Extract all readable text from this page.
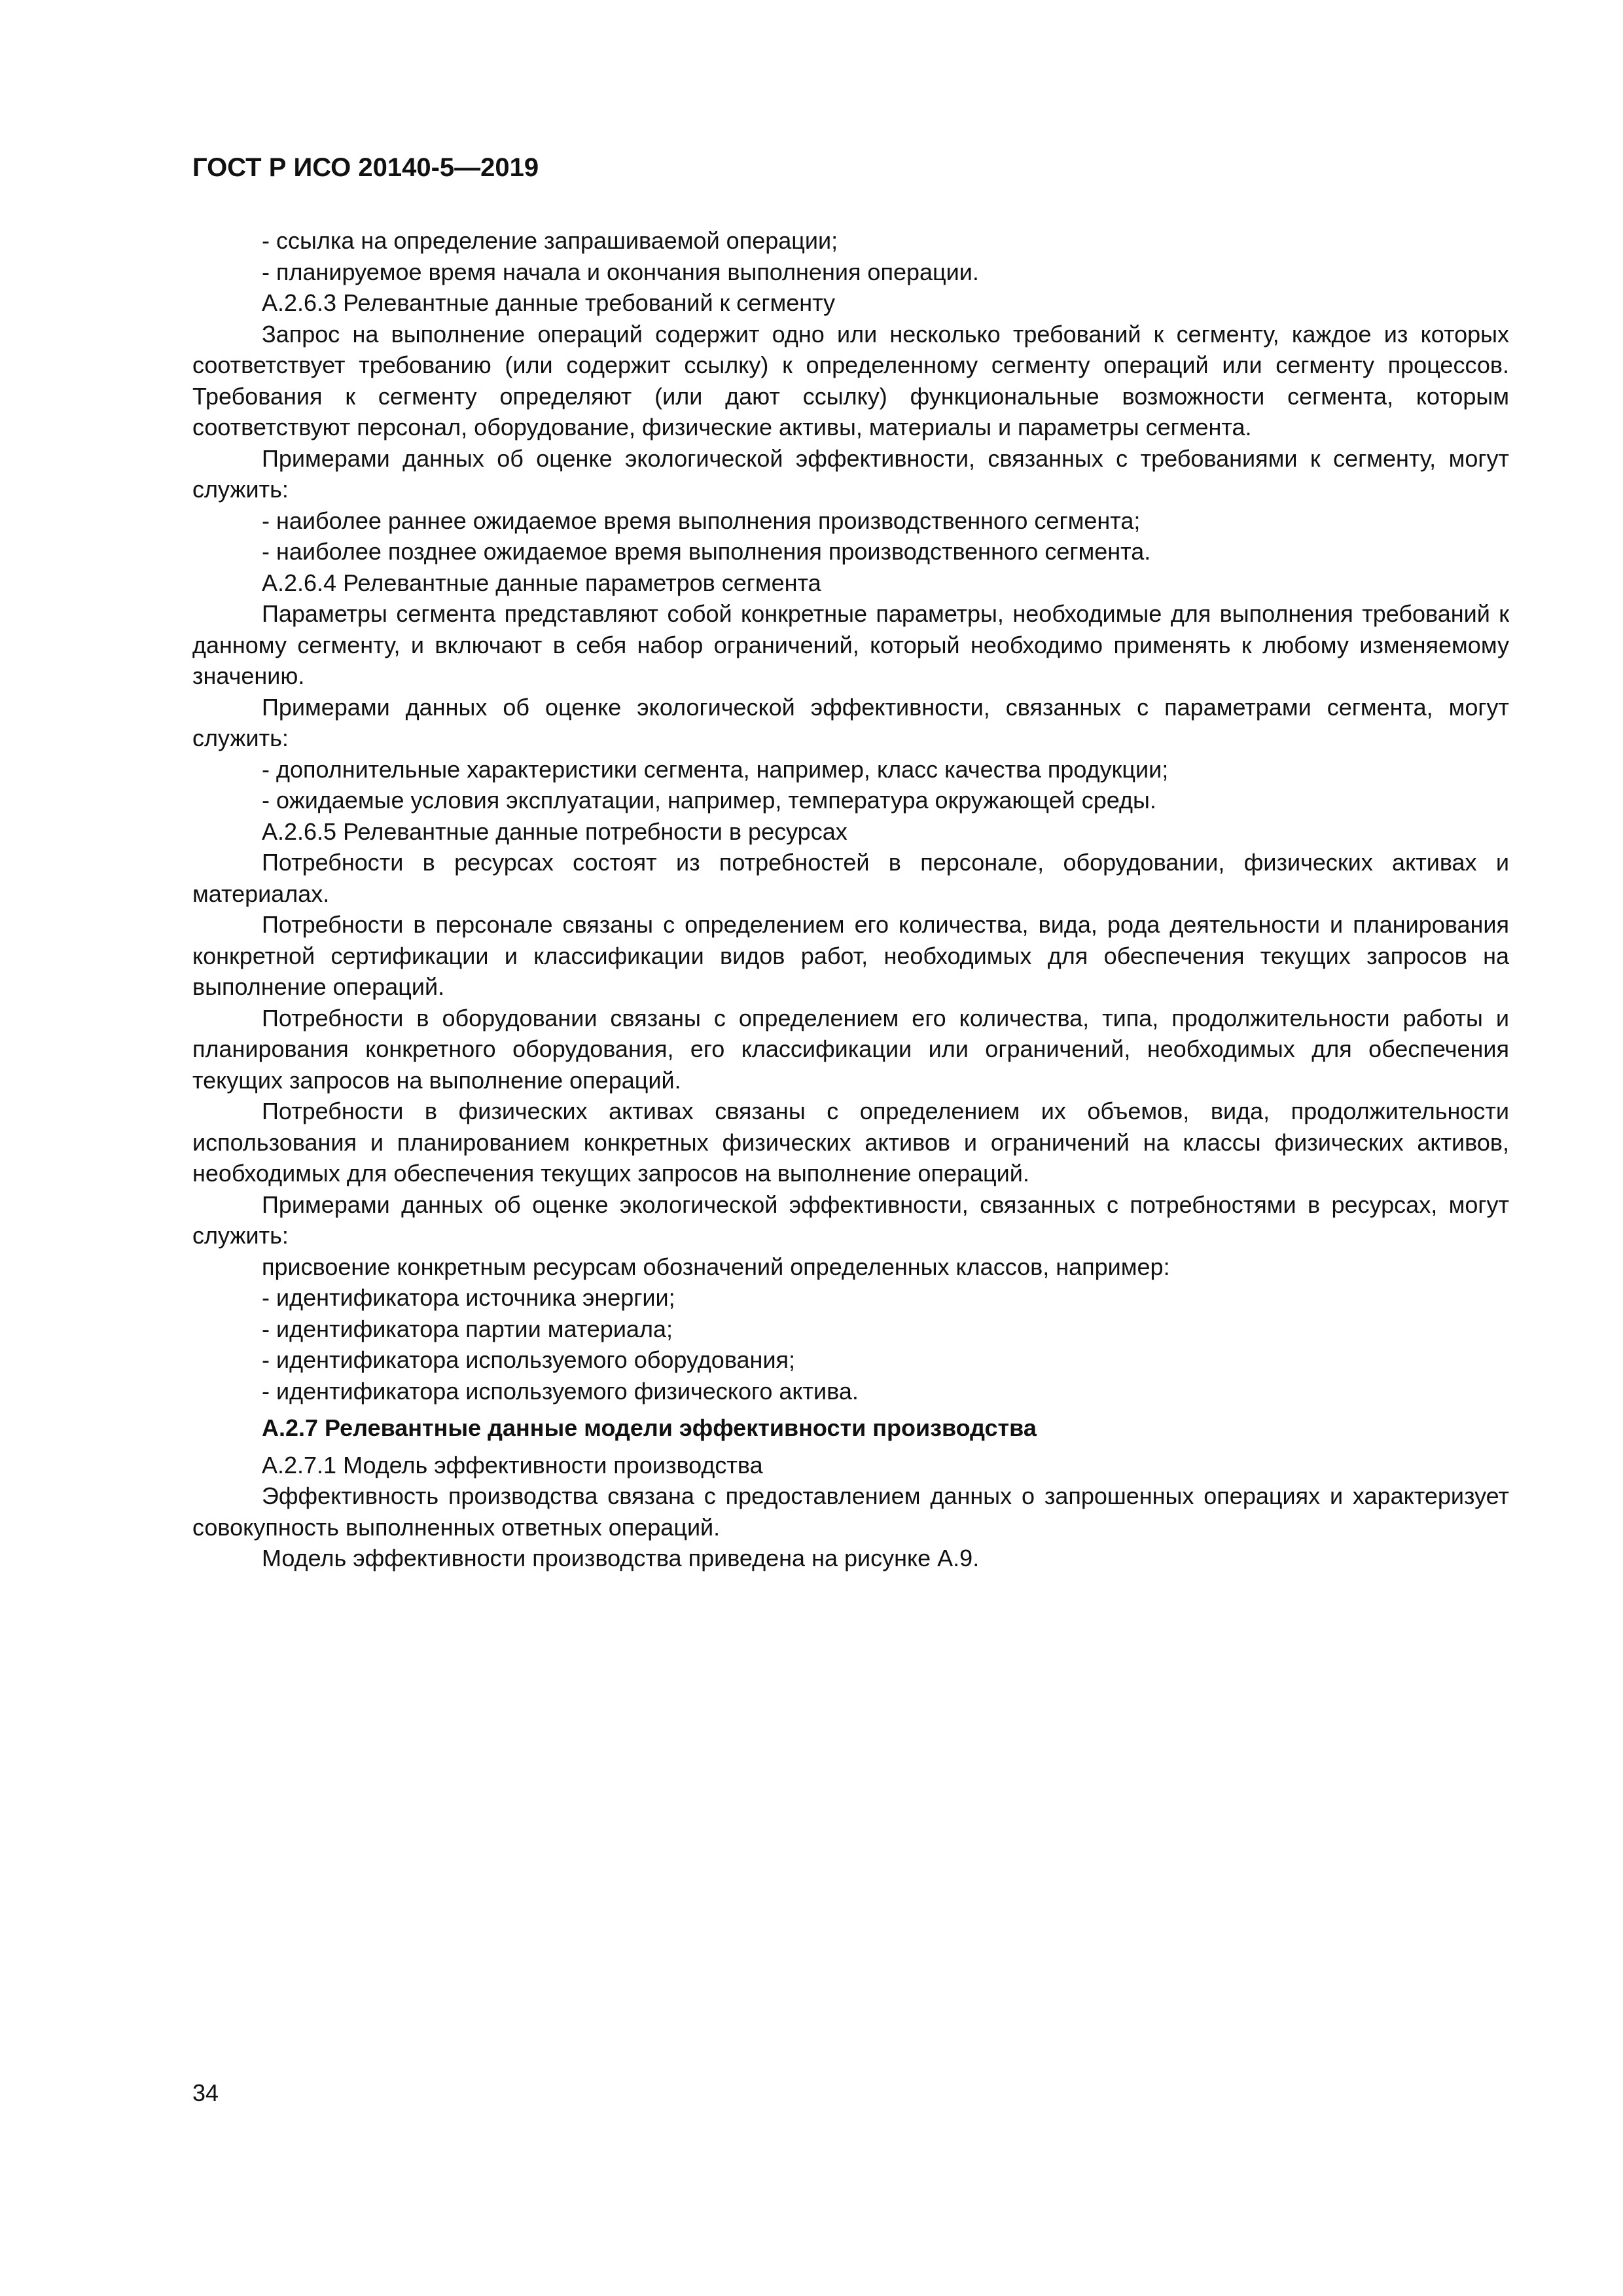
ГОСТ Р ИСО 20140-5—2019

- ссылка на определение запрашиваемой операции;

- планируемое время начала и окончания выполнения операции.

А.2.6.3 Релевантные данные требований к сегменту

Запрос на выполнение операций содержит одно или несколько требований к сегменту, каждое из которых соответствует требованию (или содержит ссылку) к определенному сегменту операций или сегменту процессов. Требования к сегменту определяют (или дают ссылку) функциональные возможности сегмента, которым соответствуют персонал, оборудование, физические активы, материалы и параметры сегмента.

Примерами данных об оценке экологической эффективности, связанных с требованиями к сегменту, могут служить:

- наиболее раннее ожидаемое время выполнения производственного сегмента;

- наиболее позднее ожидаемое время выполнения производственного сегмента.

А.2.6.4 Релевантные данные параметров сегмента

Параметры сегмента представляют собой конкретные параметры, необходимые для выполнения требований к данному сегменту, и включают в себя набор ограничений, который необходимо применять к любому изменяемому значению.

Примерами данных об оценке экологической эффективности, связанных с параметрами сегмента, могут служить:

- дополнительные характеристики сегмента, например, класс качества продукции;

- ожидаемые условия эксплуатации, например, температура окружающей среды.

А.2.6.5 Релевантные данные потребности в ресурсах

Потребности в ресурсах состоят из потребностей в персонале, оборудовании, физических активах и материалах.

Потребности в персонале связаны с определением его количества, вида, рода деятельности и планирования конкретной сертификации и классификации видов работ, необходимых для обеспечения текущих запросов на выполнение операций.

Потребности в оборудовании связаны с определением его количества, типа, продолжительности работы и планирования конкретного оборудования, его классификации или ограничений, необходимых для обеспечения текущих запросов на выполнение операций.

Потребности в физических активах связаны с определением их объемов, вида, продолжительности использования и планированием конкретных физических активов и ограничений на классы физических активов, необходимых для обеспечения текущих запросов на выполнение операций.

Примерами данных об оценке экологической эффективности, связанных с потребностями в ресурсах, могут служить:

присвоение конкретным ресурсам обозначений определенных классов, например:

- идентификатора источника энергии;

- идентификатора партии материала;

- идентификатора используемого оборудования;

- идентификатора используемого физического актива.

А.2.7 Релевантные данные модели эффективности производства

А.2.7.1 Модель эффективности производства

Эффективность производства связана с предоставлением данных о запрошенных операциях и характеризует совокупность выполненных ответных операций.

Модель эффективности производства приведена на рисунке А.9.

34
